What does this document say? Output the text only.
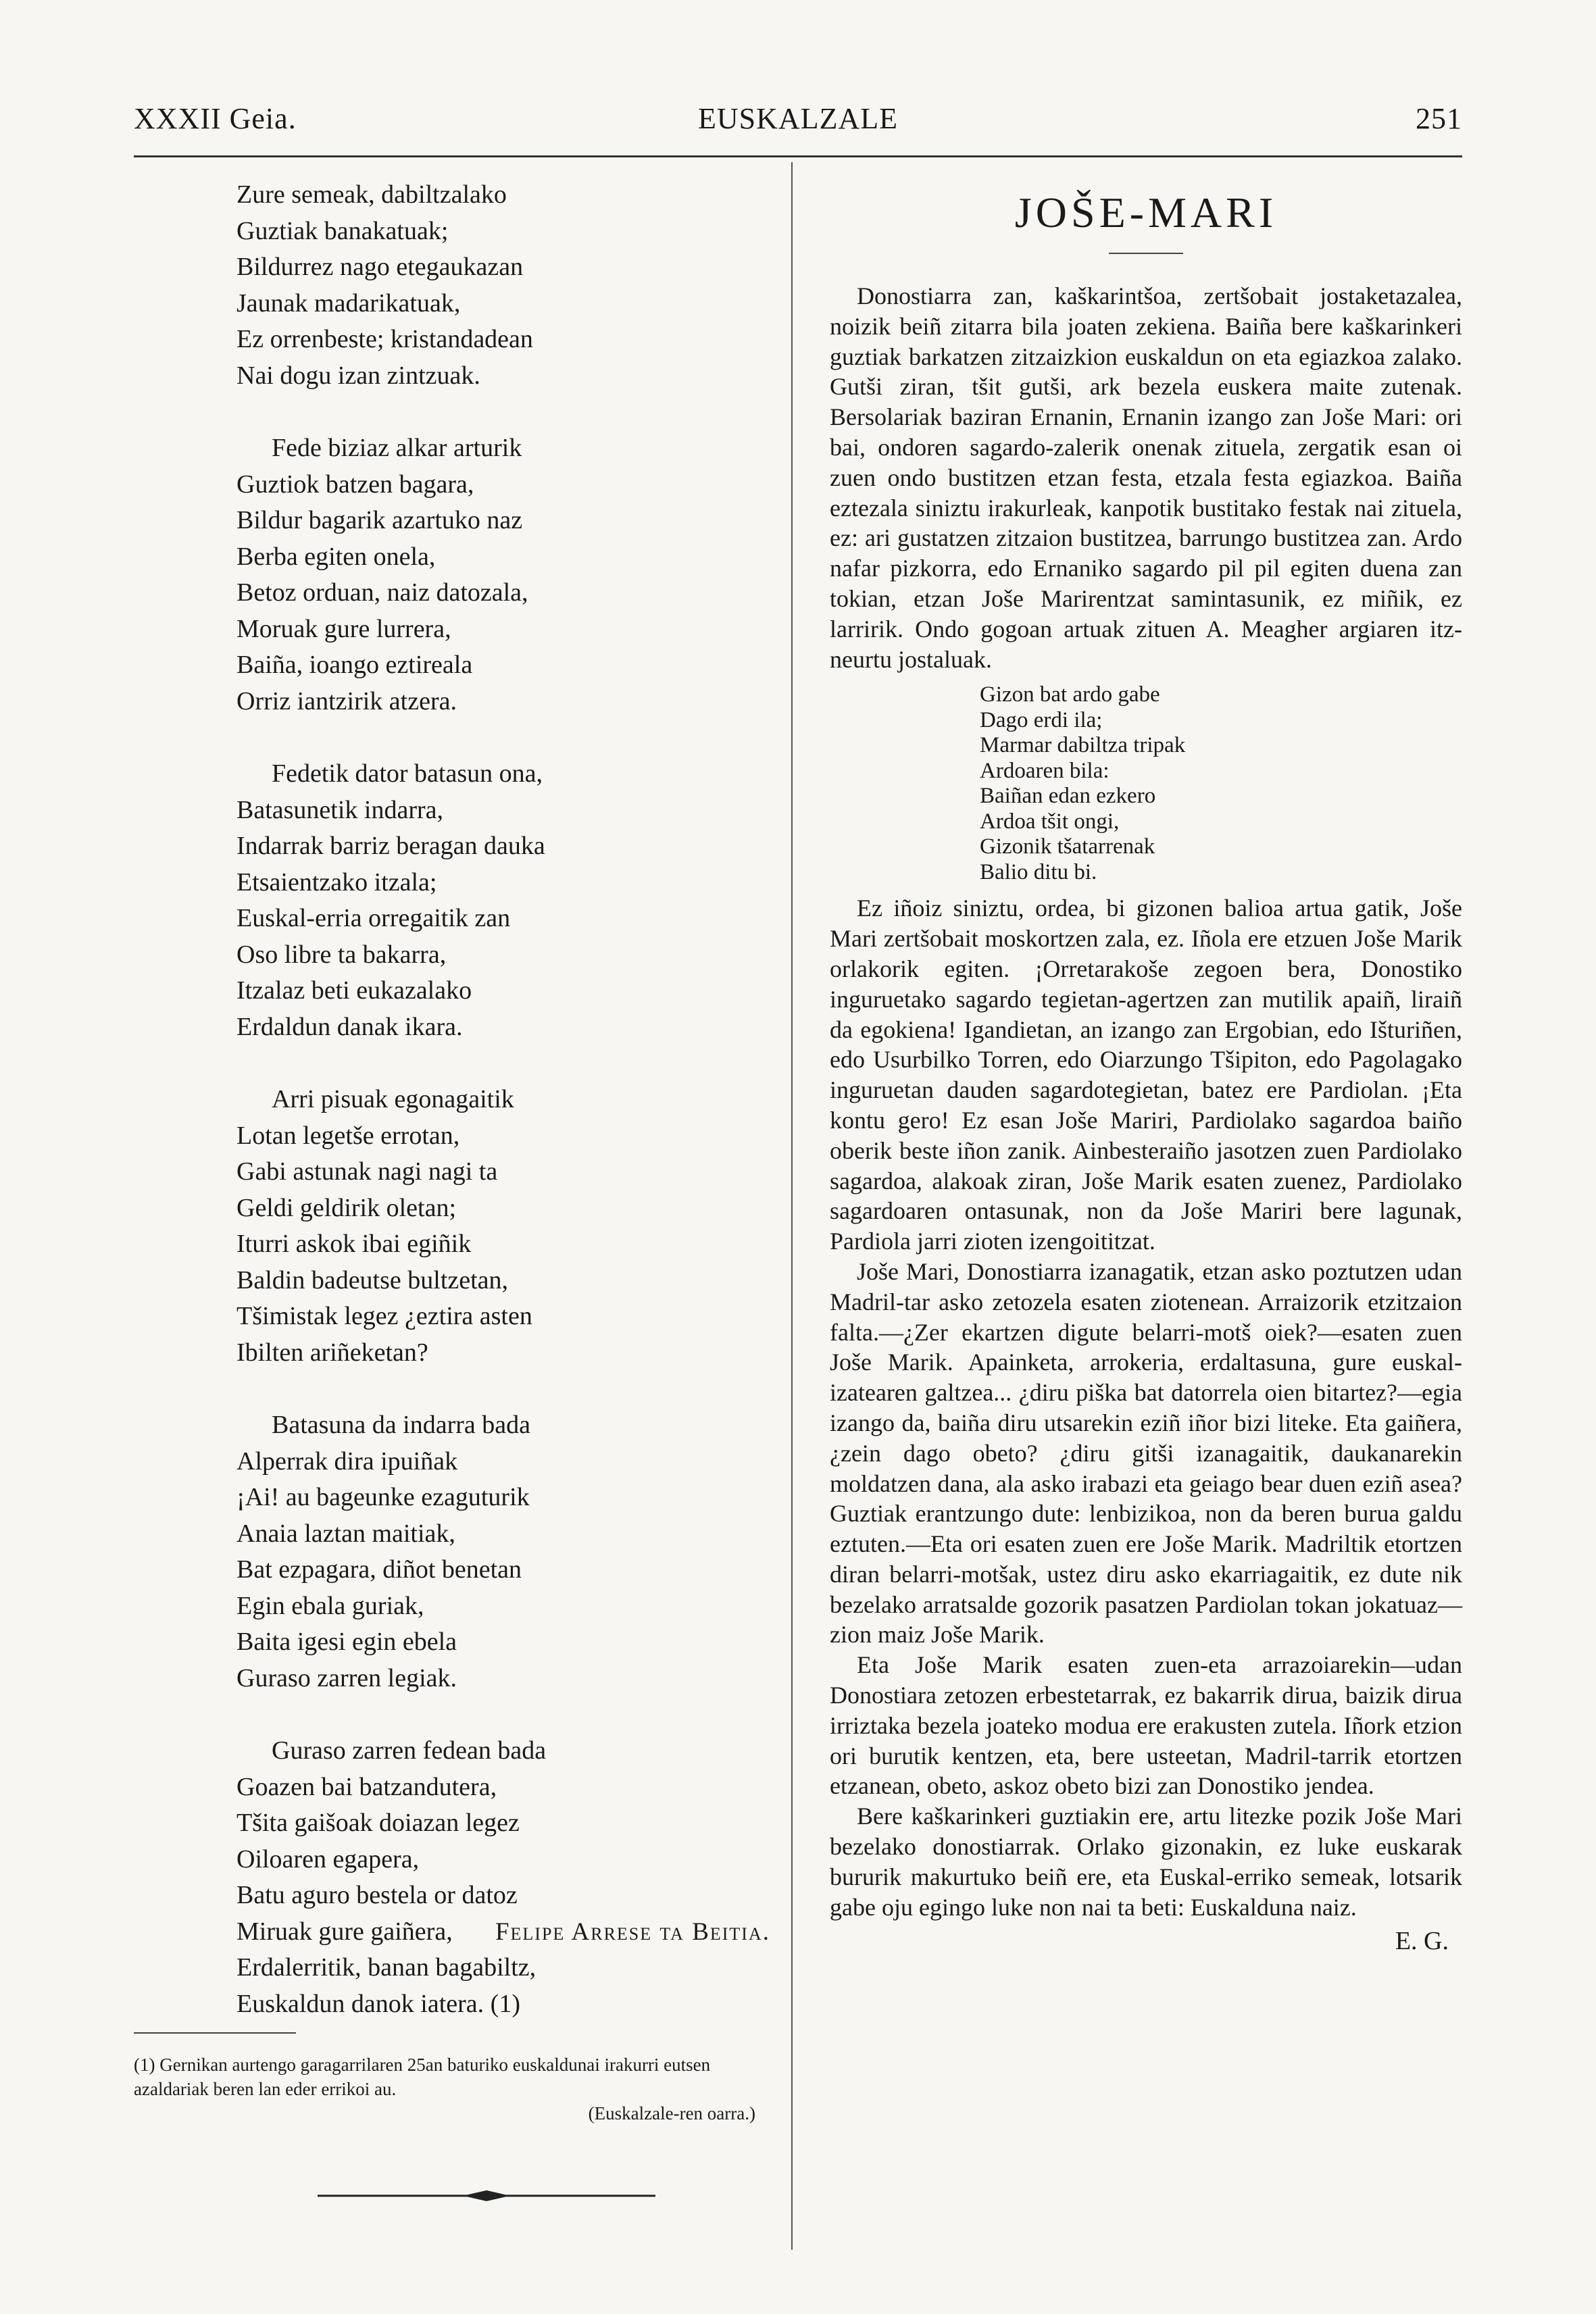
XXXII Geia.	EUSKALZALE	251
Zure semeak, dabiltzalako
Guztiak banakatuak;
Bildurrez nago etegaukazan
Jaunak madarikatuak,
Ez orrenbeste; kristandadean
Nai dogu izan zintzuak.
Fede biziaz alkar arturik
Guztiok batzen bagara,
Bildur bagarik azartuko naz
Berba egiten onela,
Betoz orduan, naiz datozala,
Moruak gure lurrera,
Baiña, ioango eztireala
Orriz iantzirik atzera.
Fedetik dator batasun ona,
Batasunetik indarra,
Indarrak barriz beragan dauka
Etsaientzako itzala;
Euskal-erria orregaitik zan
Oso libre ta bakarra,
Itzalaz beti eukazalako
Erdaldun danak ikara.
Arri pisuak egonagaitik
Lotan legetše errotan,
Gabi astunak nagi nagi ta
Geldi geldirik oletan;
Iturri askok ibai egiñik
Baldin badeutse bultzetan,
Tšimistak legez ¿eztira asten
Ibilten ariñeketan?
Batasuna da indarra bada
Alperrak dira ipuiñak
¡Ai! au bageunke ezaguturik
Anaia laztan maitiak,
Bat ezpagara, diñot benetan
Egin ebala guriak,
Baita igesi egin ebela
Guraso zarren legiak.
Guraso zarren fedean bada
Goazen bai batzandutera,
Tšita gaišoak doiazan legez
Oiloaren egapera,
Batu aguro bestela or datoz
Miruak gure gaiñera,
Erdalerritik, banan bagabiltz,
Euskaldun danok iatera. (1)
Felipe Arrese ta Beitia.
(1) Gernikan aurtengo garagarrilaren 25an baturiko euskaldunai irakurri eutsen azaldariak beren lan eder errikoi au.
(Euskalzale-ren oarra.)
JOŠE-MARI

Donostiarra zan, kaškarintšoa, zertšobait jostaketazalea, noizik beiñ zitarra bila joaten zekiena. Baiña bere kaškarinkeri guztiak barkatzen zitzaizkion euskaldun on eta egiazkoa zalako. Gutši ziran, tšit gutši, ark bezela euskera maite zutenak. Bersolariak baziran Ernanin, Ernanin izango zan Jošе Mari: ori bai, ondoren sagardo-zalerik onenak zituela, zergatik esan oi zuen ondo bustitzen etzan festa, etzala festa egiazkoa. Baiña eztezala siniztu irakurleak, kanpotik bustitako festak nai zituela, ez: ari gustatzen zitzaion bustitzea, barrungo bustitzea zan. Ardo nafar pizkorra, edo Ernaniko sagardo pil pil egiten duena zan tokian, etzan Jošе Marirentzat samintasunik, ez miñik, ez larririk. Ondo gogoan artuak zituen A. Meagher argiaren itz-neurtu jostaluak.

Gizon bat ardo gabe
Dago erdi ila;
Marmar dabiltza tripak
Ardoaren bila:
Baiñan edan ezkero
Ardoa tšit ongi,
Gizonik tšatarrenak
Balio ditu bi.

Ez iñoiz siniztu, ordea, bi gizonen balioa artua gatik, Jošе Mari zertšobait moskortzen zala, ez. Iñola ere etzuen Jošе Marik orlakorik egiten. ¡Orretarakoše zegoen bera, Donostiko inguruetako sagardo tegietan-agertzen zan mutilik apaiñ, liraiñ da egokiena! Igandietan, an izango zan Ergobian, edo Išturiñen, edo Usurbilko Torren, edo Oiarzungo Tšipiton, edo Pagolagako inguruetan dauden sagardotegietan, batez ere Pardiolan. ¡Eta kontu gero! Ez esan Jošе Mariri, Pardiolako sagardoa baiño oberik beste iñon zanik. Ainbesteraiño jasotzen zuen Pardiolako sagardoa, alakoak ziran, Jošе Marik esaten zuenez, Pardiolako sagardoaren ontasunak, non da Jošе Mariri bere lagunak, Pardiola jarri zioten izengoititzat.

Jošе Mari, Donostiarra izanagatik, etzan asko poztutzen udan Madril-tar asko zetozela esaten ziotenean. Arraizorik etzitzaion falta.—¿Zer ekartzen digute belarri-motš oiek?—esaten zuen Jošе Marik. Apainketa, arrokeria, erdaltasuna, gure euskal-izatearen galtzea... ¿diru piška bat datorrela oien bitartez?—egia izango da, baiña diru utsarekin eziñ iñor bizi liteke. Eta gaiñera, ¿zein dago obeto? ¿diru gitši izanagaitik, daukanarekin moldatzen dana, ala asko irabazi eta geiago bear duen eziñ asea? Guztiak erantzungo dute: lenbizikoa, non da beren burua galdu eztuten.—Eta ori esaten zuen ere Jošе Marik. Madriltik etortzen diran belarri-motšak, ustez diru asko ekarriagaitik, ez dute nik bezelako arratsalde gozorik pasatzen Pardiolan tokan jokatuaz—zion maiz Jošе Marik.

Eta Jošе Marik esaten zuen-eta arrazoiarekin—udan Donostiara zetozen erbestetarrak, ez bakarrik dirua, baizik dirua irriztaka bezela joateko modua ere erakusten zutela. Iñork etzion ori burutik kentzen, eta, bere usteetan, Madril-tarrik etortzen etzanean, obeto, askoz obeto bizi zan Donostiko jendea.

Bere kaškarinkeri guztiakin ere, artu litezke pozik Jošе Mari bezelako donostiarrak. Orlako gizonakin, ez luke euskarak bururik makurtuko beiñ ere, eta Euskal-erriko semeak, lotsarik gabe oju egingo luke non nai ta beti: Euskalduna naiz.

E. G.
